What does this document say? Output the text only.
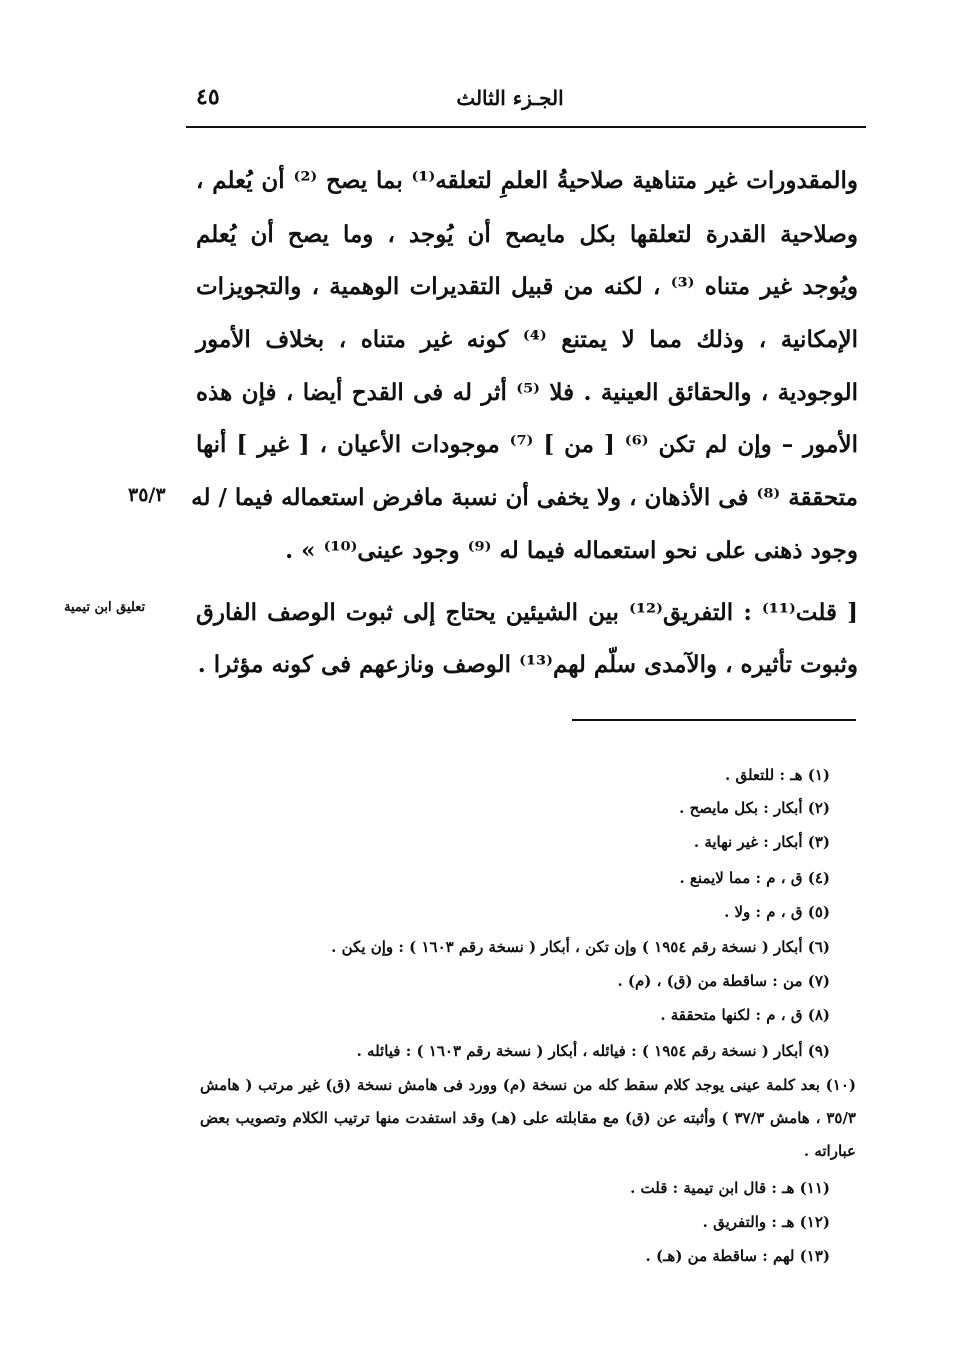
٤٥	الجـزء الثالث
والمقدورات غير متناهية صلاحيةُ العلمِ لتعلقه⁽¹⁾ بما يصح ⁽²⁾ أن يُعلم ،
وصلاحية القدرة لتعلقها بكل مايصح أن يُوجد ، وما يصح أن يُعلم
ويُوجد غير متناه ⁽³⁾ ، لكنه من قبيل التقديرات الوهمية ، والتجويزات
الإمكانية ، وذلك مما لا يمتنع ⁽⁴⁾ كونه غير متناه ، بخلاف الأمور
الوجودية ، والحقائق العينية . فلا ⁽⁵⁾ أثر له فى القدح أيضا ، فإن هذه
الأمور – وإن لم تكن ⁽⁶⁾ [ من ] ⁽⁷⁾ موجودات الأعيان ، [ غير ] أنها
متحققة ⁽⁸⁾ فى الأذهان ، ولا يخفى أن نسبة مافرض استعماله فيما / له
وجود ذهنى على نحو استعماله فيما له ⁽⁹⁾ وجود عينى⁽¹⁰⁾ » .
[ قلت⁽¹¹⁾ : التفريق⁽¹²⁾ بين الشيئين يحتاج إلى ثبوت الوصف الفارق
وثبوت تأثيره ، والآمدى سلّم لهم⁽¹³⁾ الوصف ونازعهم فى كونه مؤثرا .
٣٥/٣
تعليق ابن تيمية
(١) هـ : للتعلق .
(٢) أبكار : بكل مايصح .
(٣) أبكار : غير نهاية .
(٤) ق ، م : مما لايمنع .
(٥) ق ، م : ولا .
(٦) أبكار ( نسخة رقم ١٩٥٤ ) وإن تكن ، أبكار ( نسخة رقم ١٦٠٣ ) : وإن يكن .
(٧) من : ساقطة من (ق) ، (م) .
(٨) ق ، م : لكنها متحققة .
(٩) أبكار ( نسخة رقم ١٩٥٤ ) : فيائله ، أبكار ( نسخة رقم ١٦٠٣ ) : فيائله .
(١٠) بعد كلمة عينى يوجد كلام سقط كله من نسخة (م) وورد فى هامش نسخة (ق) غير مرتب ( هامش
٣٥/٣ ، هامش ٣٧/٣ ) وأثبته عن (ق) مع مقابلته على (هـ) وقد استفدت منها ترتيب الكلام وتصويب بعض
عباراته .
(١١) هـ : قال ابن تيمية : قلت .
(١٢) هـ : والتفريق .
(١٣) لهم : ساقطة من (هـ) .
